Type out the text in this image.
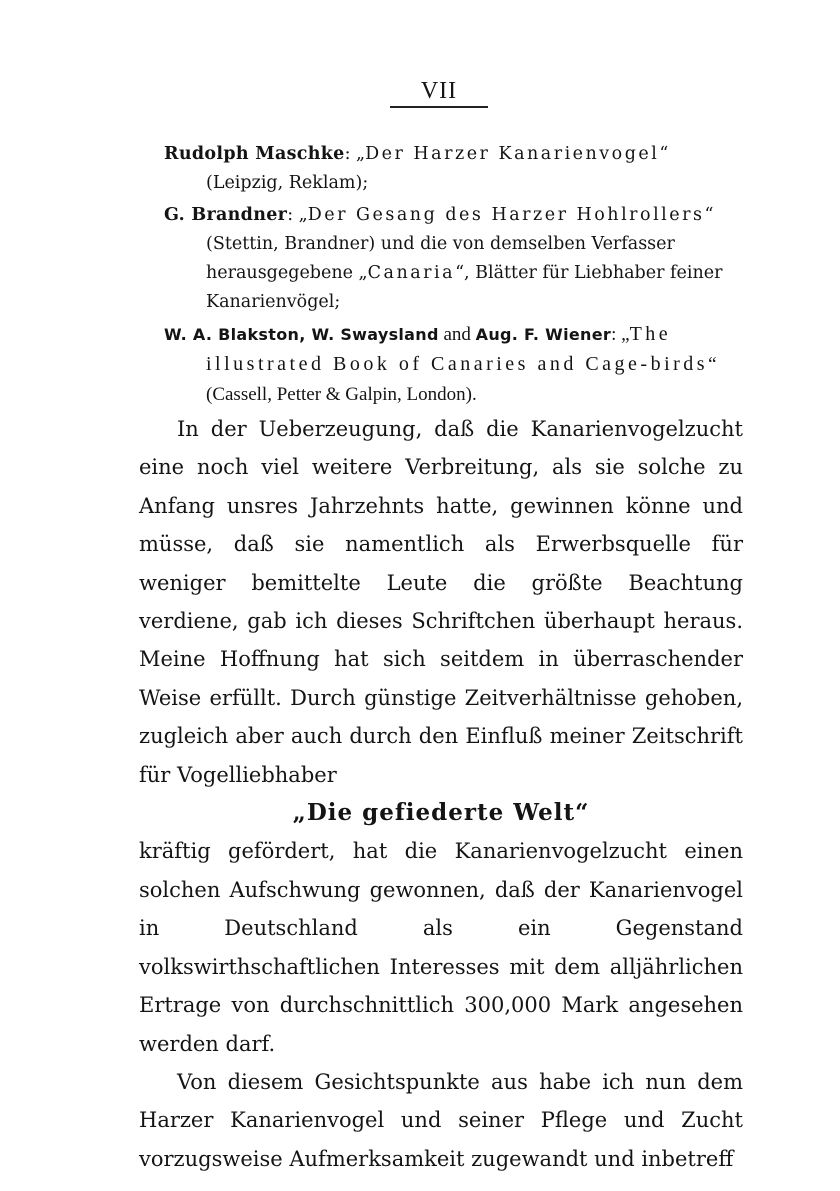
VII
Rudolph Maschke: „Der Harzer Kanarienvogel“ (Leipzig, Reklam);
G. Brandner: „Der Gesang des Harzer Hohlrollers“ (Stettin, Brandner) und die von demselben Verfasser herausgegebene „Canaria“, Blätter für Liebhaber feiner Kanarienvögel;
W. A. Blakston, W. Swaysland and Aug. F. Wiener: „The illustrated Book of Canaries and Cage-birds“ (Cassell, Petter & Galpin, London).

In der Ueberzeugung, daß die Kanarienvogelzucht eine noch viel weitere Verbreitung, als sie solche zu Anfang unsres Jahrzehnts hatte, gewinnen könne und müsse, daß sie namentlich als Erwerbsquelle für weniger bemittelte Leute die größte Beachtung verdiene, gab ich dieses Schriftchen überhaupt heraus. Meine Hoffnung hat sich seitdem in überraschender Weise erfüllt. Durch günstige Zeitverhältnisse gehoben, zugleich aber auch durch den Einfluß meiner Zeitschrift für Vogelliebhaber

„Die gefiederte Welt“

kräftig gefördert, hat die Kanarienvogelzucht einen solchen Aufschwung gewonnen, daß der Kanarienvogel in Deutschland als ein Gegenstand volkswirthschaftlichen Interesses mit dem alljährlichen Ertrage von durchschnittlich 300,000 Mark angesehen werden darf.

Von diesem Gesichtspunkte aus habe ich nun dem Harzer Kanarienvogel und seiner Pflege und Zucht vorzugsweise Aufmerksamkeit zugewandt und inbetreff
